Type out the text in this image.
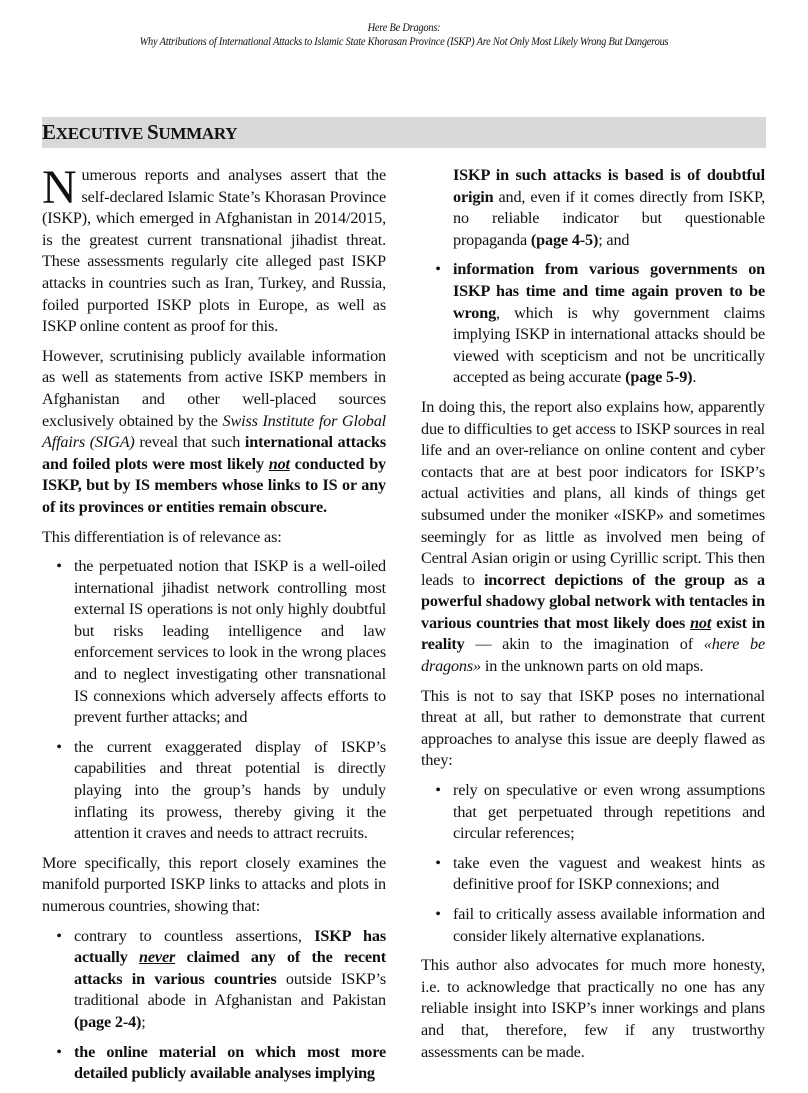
Here Be Dragons:
Why Attributions of International Attacks to Islamic State Khorasan Province (ISKP) Are Not Only Most Likely Wrong But Dangerous
EXECUTIVE SUMMARY

Numerous reports and analyses assert that the self-declared Islamic State’s Khorasan Province (ISKP), which emerged in Afghanistan in 2014/2015, is the greatest current transnational jihadist threat. These assessments regularly cite alleged past ISKP attacks in countries such as Iran, Turkey, and Russia, foiled purported ISKP plots in Europe, as well as ISKP online content as proof for this.

However, scrutinising publicly available information as well as statements from active ISKP members in Afghanistan and other well-placed sources exclusively obtained by the Swiss Institute for Global Affairs (SIGA) reveal that such international attacks and foiled plots were most likely not conducted by ISKP, but by IS members whose links to IS or any of its provinces or entities remain obscure.

This differentiation is of relevance as:

• the perpetuated notion that ISKP is a well-oiled international jihadist network controlling most external IS operations is not only highly doubtful but risks leading intelligence and law enforcement services to look in the wrong places and to neglect investigating other transnational IS connexions which adversely affects efforts to prevent further attacks; and
• the current exaggerated display of ISKP’s capabilities and threat potential is directly playing into the group’s hands by unduly inflating its prowess, thereby giving it the attention it craves and needs to attract recruits.

More specifically, this report closely examines the manifold purported ISKP links to attacks and plots in numerous countries, showing that:

• contrary to countless assertions, ISKP has actually never claimed any of the recent attacks in various countries outside ISKP’s traditional abode in Afghanistan and Pakistan (page 2-4);
• the online material on which most more detailed publicly available analyses implying
ISKP in such attacks is based is of doubtful origin and, even if it comes directly from ISKP, no reliable indicator but questionable propaganda (page 4-5); and
• information from various governments on ISKP has time and time again proven to be wrong, which is why government claims implying ISKP in international attacks should be viewed with scepticism and not be uncritically accepted as being accurate (page 5-9).

In doing this, the report also explains how, apparently due to difficulties to get access to ISKP sources in real life and an over-reliance on online content and cyber contacts that are at best poor indicators for ISKP’s actual activities and plans, all kinds of things get subsumed under the moniker «ISKP» and sometimes seemingly for as little as involved men being of Central Asian origin or using Cyrillic script. This then leads to incorrect depictions of the group as a powerful shadowy global network with tentacles in various countries that most likely does not exist in reality — akin to the imagination of «here be dragons» in the unknown parts on old maps.

This is not to say that ISKP poses no international threat at all, but rather to demonstrate that current approaches to analyse this issue are deeply flawed as they:

• rely on speculative or even wrong assumptions that get perpetuated through repetitions and circular references;
• take even the vaguest and weakest hints as definitive proof for ISKP connexions; and
• fail to critically assess available information and consider likely alternative explanations.

This author also advocates for much more honesty, i.e. to acknowledge that practically no one has any reliable insight into ISKP’s inner workings and plans and that, therefore, few if any trustworthy assessments can be made.
